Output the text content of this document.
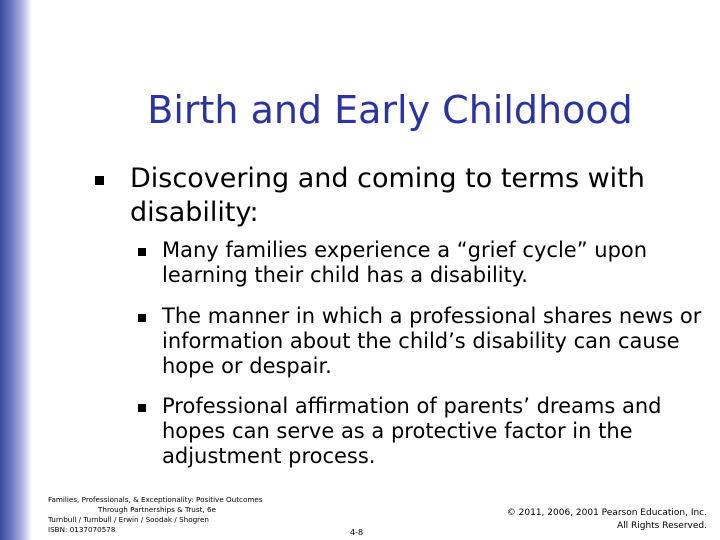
Birth and Early Childhood
Discovering and coming to terms with disability:
Many families experience a “grief cycle” upon learning their child has a disability.
The manner in which a professional shares news or information about the child’s disability can cause hope or despair.
Professional affirmation of parents’ dreams and hopes can serve as a protective factor in the adjustment process.
Families, Professionals, & Exceptionality: Positive Outcomes
Through Partnerships & Trust, 6e
Turnbull / Turnbull / Erwin / Soodak / Shogren
ISBN: 0137070578	4-8
© 2011, 2006, 2001 Pearson Education, Inc.
All Rights Reserved.
